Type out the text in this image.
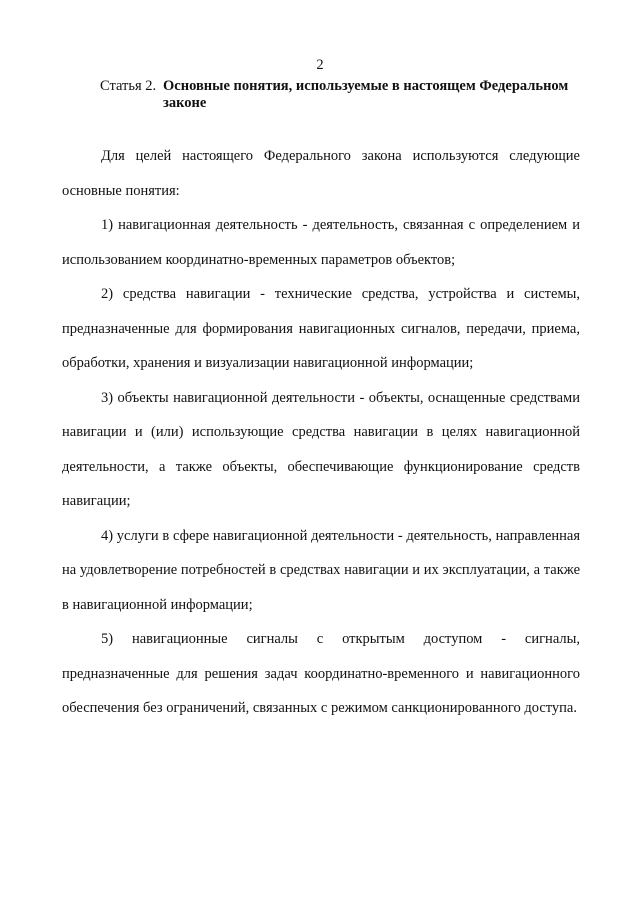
2
Статья 2. Основные понятия, используемые в настоящем Федеральном законе

Для целей настоящего Федерального закона используются следующие основные понятия:

1) навигационная деятельность - деятельность, связанная с определением и использованием координатно-временных параметров объектов;

2) средства навигации - технические средства, устройства и системы, предназначенные для формирования навигационных сигналов, передачи, приема, обработки, хранения и визуализации навигационной информации;

3) объекты навигационной деятельности - объекты, оснащенные средствами навигации и (или) использующие средства навигации в целях навигационной деятельности, а также объекты, обеспечивающие функционирование средств навигации;

4) услуги в сфере навигационной деятельности - деятельность, направленная на удовлетворение потребностей в средствах навигации и их эксплуатации, а также в навигационной информации;

5) навигационные сигналы с открытым доступом - сигналы, предназначенные для решения задач координатно-временного и навигационного обеспечения без ограничений, связанных с режимом санкционированного доступа.
